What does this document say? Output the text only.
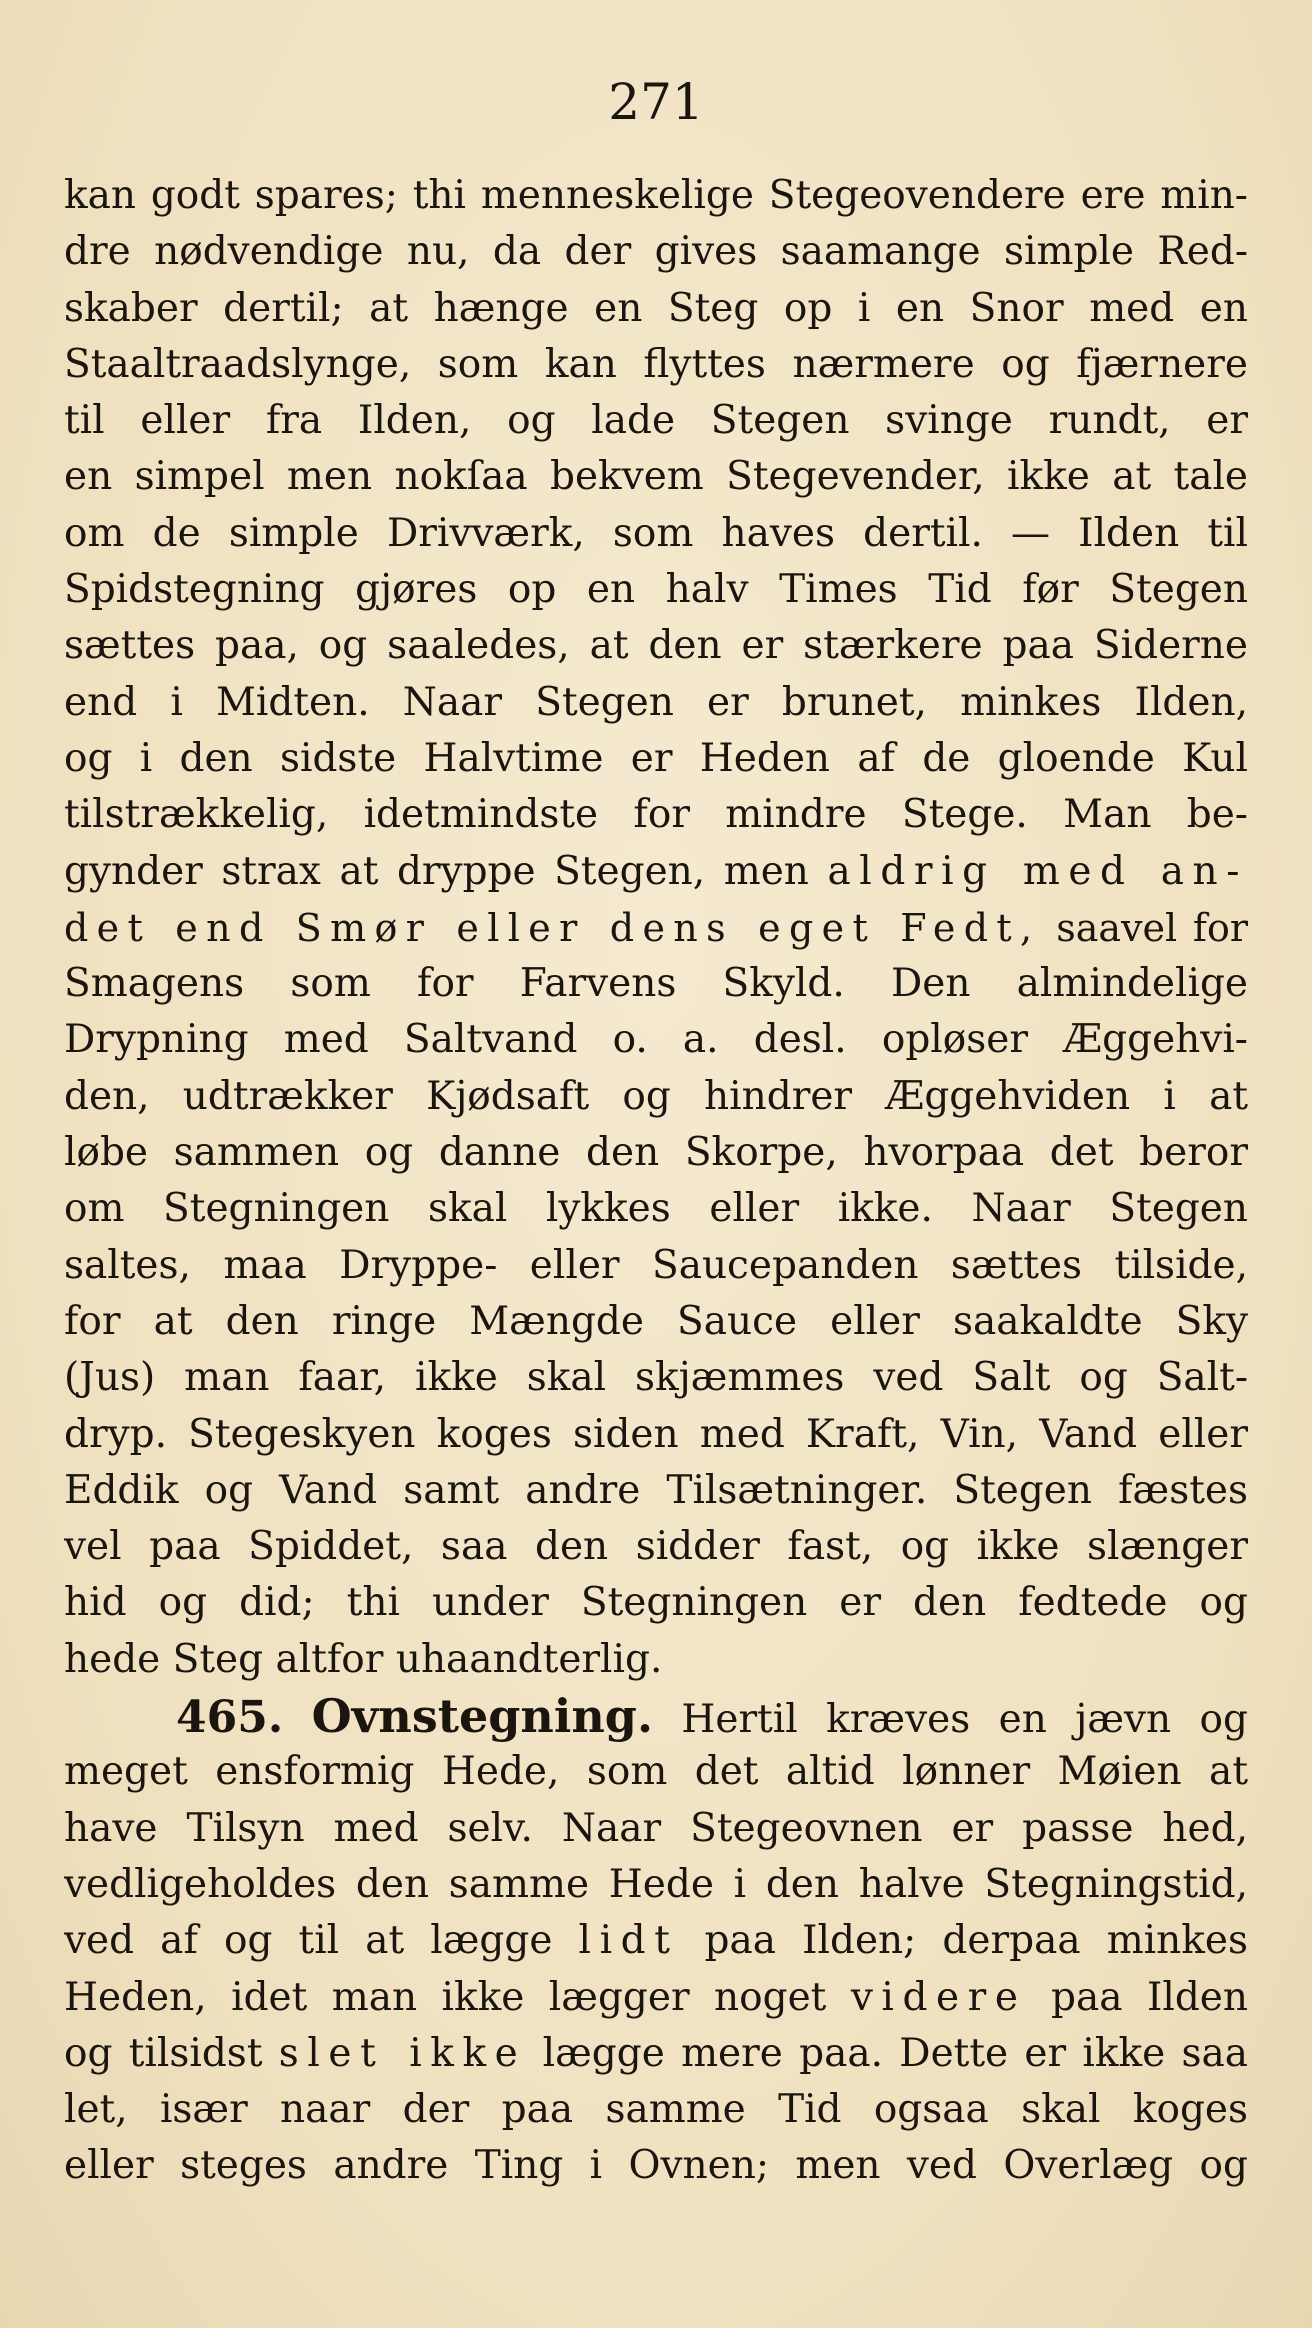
271
kan godt spares; thi menneskelige Stegeovendere ere min-
dre nødvendige nu, da der gives saamange simple Red-
skaber dertil; at hænge en Steg op i en Snor med en
Staaltraadslynge, som kan flyttes nærmere og fjærnere
til eller fra Ilden, og lade Stegen svinge rundt, er
en simpel men nokſaa bekvem Stegevender, ikke at tale
om de simple Drivværk, som haves dertil. — Ilden til
Spidstegning gjøres op en halv Times Tid før Stegen
sættes paa, og saaledes, at den er stærkere paa Siderne
end i Midten. Naar Stegen er brunet, minkes Ilden,
og i den sidste Halvtime er Heden af de gloende Kul
tilstrækkelig, idetmindste for mindre Stege. Man be-
gynder strax at dryppe Stegen, men aldrig med an-
det end Smør eller dens eget Fedt, saavel for
Smagens som for Farvens Skyld. Den almindelige
Drypning med Saltvand o. a. desl. opløser Æggehvi-
den, udtrækker Kjødsaft og hindrer Æggehviden i at
løbe sammen og danne den Skorpe, hvorpaa det beror
om Stegningen skal lykkes eller ikke. Naar Stegen
saltes, maa Dryppe- eller Saucepanden sættes tilside,
for at den ringe Mængde Sauce eller saakaldte Sky
(Jus) man faar, ikke skal skjæmmes ved Salt og Salt-
dryp. Stegeskyen koges siden med Kraft, Vin, Vand eller
Eddik og Vand samt andre Tilsætninger. Stegen fæstes
vel paa Spiddet, saa den sidder fast, og ikke slænger
hid og did; thi under Stegningen er den fedtede og
hede Steg altfor uhaandterlig.
465. Ovnstegning. Hertil kræves en jævn og
meget ensformig Hede, som det altid lønner Møien at
have Tilsyn med selv. Naar Stegeovnen er passe hed,
vedligeholdes den samme Hede i den halve Stegningstid,
ved af og til at lægge lidt paa Ilden; derpaa minkes
Heden, idet man ikke lægger noget videre paa Ilden
og tilsidst slet ikke lægge mere paa. Dette er ikke saa
let, især naar der paa samme Tid ogsaa skal koges
eller steges andre Ting i Ovnen; men ved Overlæg og
